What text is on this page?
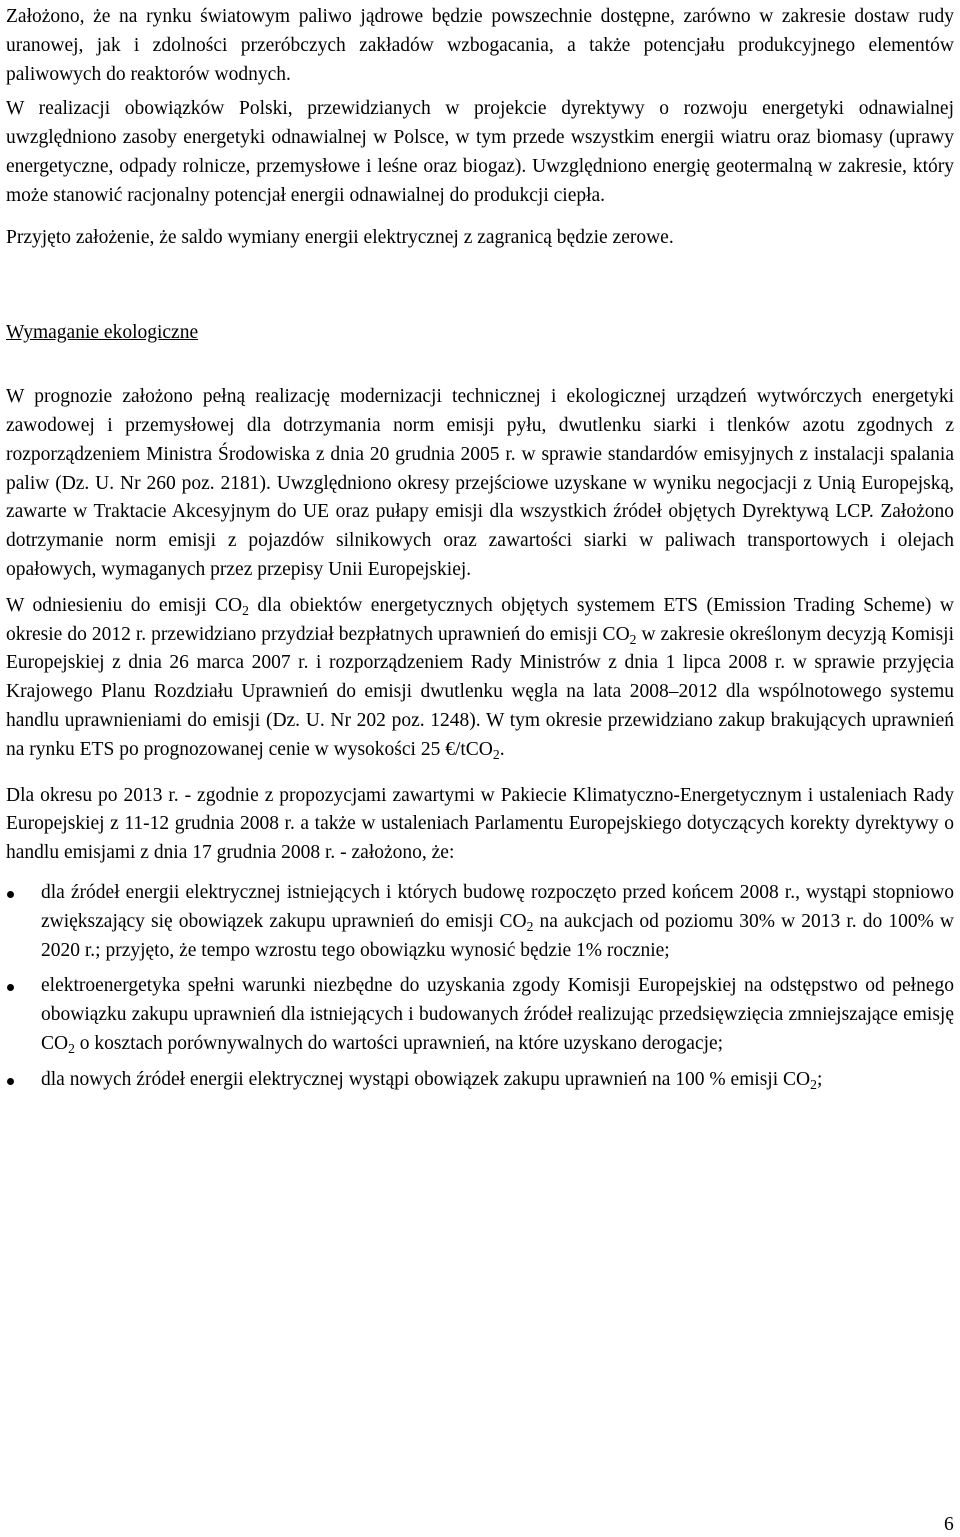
Założono, że na rynku światowym paliwo jądrowe będzie powszechnie dostępne, zarówno w zakresie dostaw rudy uranowej, jak i zdolności przeróbczych zakładów wzbogacania, a także potencjału produkcyjnego elementów paliwowych do reaktorów wodnych.

W realizacji obowiązków Polski, przewidzianych w projekcie dyrektywy o rozwoju energetyki odnawialnej uwzględniono zasoby energetyki odnawialnej w Polsce, w tym przede wszystkim energii wiatru oraz biomasy (uprawy energetyczne, odpady rolnicze, przemysłowe i leśne oraz biogaz). Uwzględniono energię geotermalną w zakresie, który może stanowić racjonalny potencjał energii odnawialnej do produkcji ciepła.

Przyjęto założenie, że saldo wymiany energii elektrycznej z zagranicą będzie zerowe.

Wymaganie ekologiczne

W prognozie założono pełną realizację modernizacji technicznej i ekologicznej urządzeń wytwórczych energetyki zawodowej i przemysłowej dla dotrzymania norm emisji pyłu, dwutlenku siarki i tlenków azotu zgodnych z rozporządzeniem Ministra Środowiska z dnia 20 grudnia 2005 r. w sprawie standardów emisyjnych z instalacji spalania paliw (Dz. U. Nr 260 poz. 2181). Uwzględniono okresy przejściowe uzyskane w wyniku negocjacji z Unią Europejską, zawarte w Traktacie Akcesyjnym do UE oraz pułapy emisji dla wszystkich źródeł objętych Dyrektywą LCP. Założono dotrzymanie norm emisji z pojazdów silnikowych oraz zawartości siarki w paliwach transportowych i olejach opałowych, wymaganych przez przepisy Unii Europejskiej.

W odniesieniu do emisji $CO_2$ dla obiektów energetycznych objętych systemem ETS (Emission Trading Scheme) w okresie do 2012 r. przewidziano przydział bezpłatnych uprawnień do emisji $CO_2$ w zakresie określonym decyzją Komisji Europejskiej z dnia 26 marca 2007 r. i rozporządzeniem Rady Ministrów z dnia 1 lipca 2008 r. w sprawie przyjęcia Krajowego Planu Rozdziału Uprawnień do emisji dwutlenku węgla na lata 2008–2012 dla wspólnotowego systemu handlu uprawnieniami do emisji (Dz. U. Nr 202 poz. 1248). W tym okresie przewidziano zakup brakujących uprawnień na rynku ETS po prognozowanej cenie w wysokości 25 €/tCO$_2$.

Dla okresu po 2013 r. - zgodnie z propozycjami zawartymi w Pakiecie Klimatyczno-Energetycznym i ustaleniach Rady Europejskiej z 11-12 grudnia 2008 r. a także w ustaleniach Parlamentu Europejskiego dotyczących korekty dyrektywy o handlu emisjami z dnia 17 grudnia 2008 r. - założono, że:

dla źródeł energii elektrycznej istniejących i których budowę rozpoczęto przed końcem 2008 r., wystąpi stopniowo zwiększający się obowiązek zakupu uprawnień do emisji $CO_2$ na aukcjach od poziomu 30% w 2013 r. do 100% w 2020 r.; przyjęto, że tempo wzrostu tego obowiązku wynosić będzie 1% rocznie;
elektroenergetyka spełni warunki niezbędne do uzyskania zgody Komisji Europejskiej na odstępstwo od pełnego obowiązku zakupu uprawnień dla istniejących i budowanych źródeł realizując przedsięwzięcia zmniejszające emisję $CO_2$ o kosztach porównywalnych do wartości uprawnień, na które uzyskano derogacje;
dla nowych źródeł energii elektrycznej wystąpi obowiązek zakupu uprawnień na 100 % emisji $CO_2$;
6
